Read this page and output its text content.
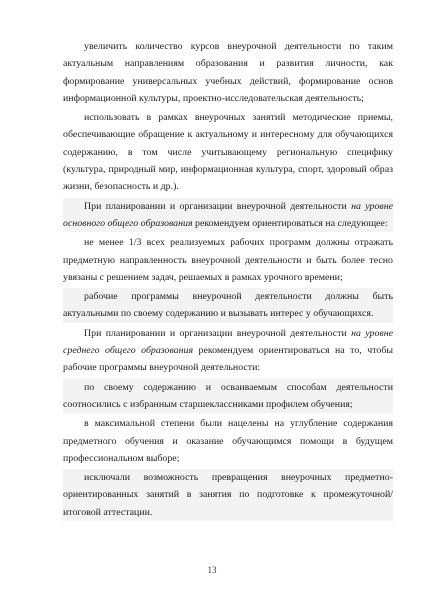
увеличить количество курсов внеурочной деятельности по таким актуальным направлениям образования и развития личности, как формирование универсальных учебных действий, формирование основ информационной культуры, проектно-исследовательская деятельность;

использовать в рамках внеурочных занятий методические приемы, обеспечивающие обращение к актуальному и интересному для обучающихся содержанию, в том числе учитывающему региональную специфику (культура, природный мир, информационная культура, спорт, здоровый образ жизни, безопасность и др.).

При планировании и организации внеурочной деятельности на уровне основного общего образования рекомендуем ориентироваться на следующее:

не менее 1/3 всех реализуемых рабочих программ должны отражать предметную направленность внеурочной деятельности и быть более тесно увязаны с решением задач, решаемых в рамках урочного времени;

рабочие программы внеурочной деятельности должны быть актуальными по своему содержанию и вызывать интерес у обучающихся.

При планировании и организации внеурочной деятельности на уровне среднего общего образования рекомендуем ориентироваться на то, чтобы рабочие программы внеурочной деятельности:

по своему содержанию и осваиваемым способам деятельности соотносились с избранным старшеклассниками профилем обучения;

в максимальной степени были нацелены на углубление содержания предметного обучения и оказание обучающимся помощи в будущем профессиональном выборе;

исключали возможность превращения внеурочных предметно-ориентированных занятий в занятия по подготовке к промежуточной/итоговой аттестации.

13
